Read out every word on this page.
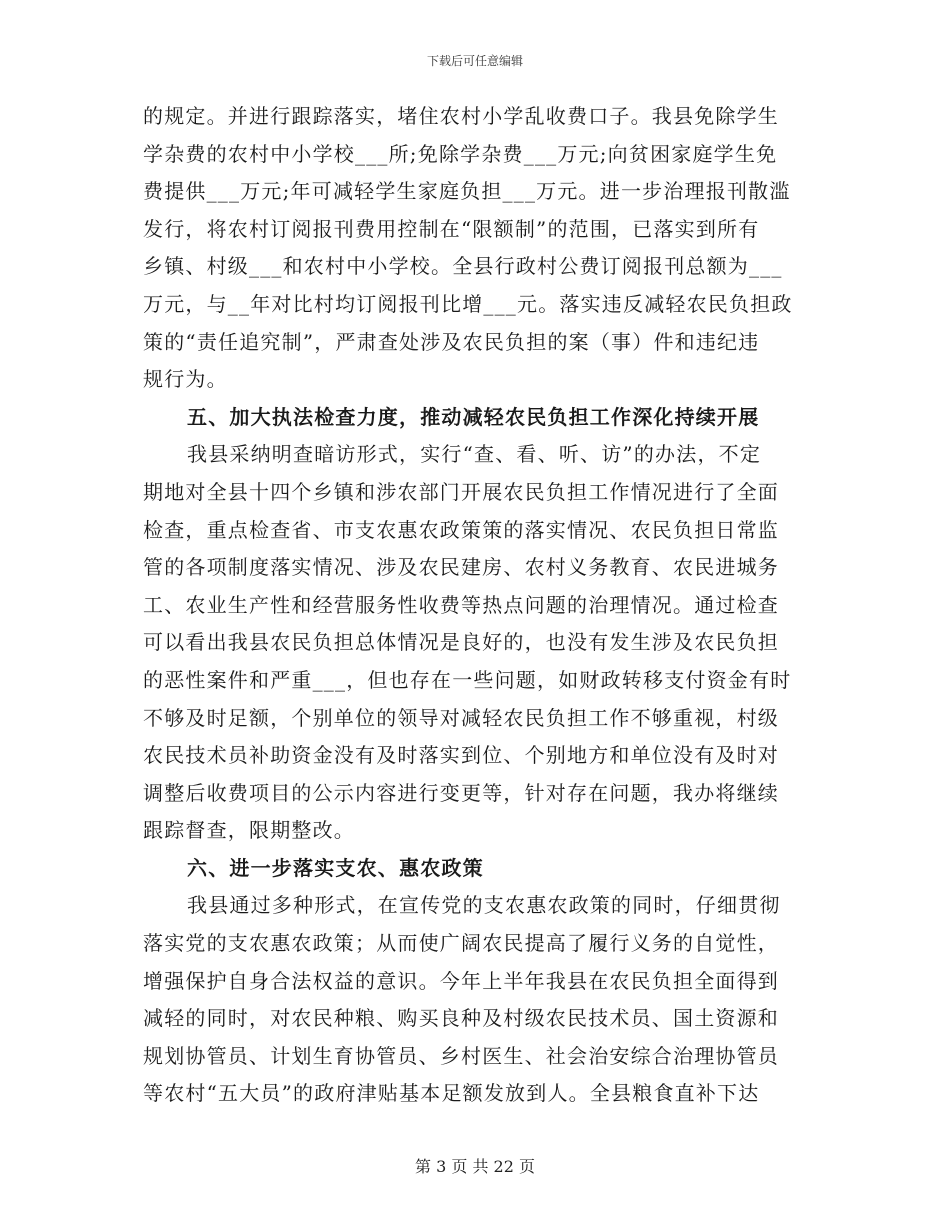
下载后可任意编辑
的规定。并进行跟踪落实，堵住农村小学乱收费口子。我县免除学生
学杂费的农村中小学校___所;免除学杂费___万元;向贫困家庭学生免
费提供___万元;年可减轻学生家庭负担___万元。进一步治理报刊散滥
发行，将农村订阅报刊费用控制在“限额制”的范围，已落实到所有
乡镇、村级___和农村中小学校。全县行政村公费订阅报刊总额为___
万元，与__年对比村均订阅报刊比增___元。落实违反减轻农民负担政
策的“责任追究制”，严肃查处涉及农民负担的案（事）件和违纪违
规行为。
五、加大执法检查力度，推动减轻农民负担工作深化持续开展
我县采纳明查暗访形式，实行“查、看、听、访”的办法，不定
期地对全县十四个乡镇和涉农部门开展农民负担工作情况进行了全面
检查，重点检查省、市支农惠农政策策的落实情况、农民负担日常监
管的各项制度落实情况、涉及农民建房、农村义务教育、农民进城务
工、农业生产性和经营服务性收费等热点问题的治理情况。通过检查
可以看出我县农民负担总体情况是良好的，也没有发生涉及农民负担
的恶性案件和严重___，但也存在一些问题，如财政转移支付资金有时
不够及时足额，个别单位的领导对减轻农民负担工作不够重视，村级
农民技术员补助资金没有及时落实到位、个别地方和单位没有及时对
调整后收费项目的公示内容进行变更等，针对存在问题，我办将继续
跟踪督查，限期整改。
六、进一步落实支农、惠农政策
我县通过多种形式，在宣传党的支农惠农政策的同时，仔细贯彻
落实党的支农惠农政策；从而使广阔农民提高了履行义务的自觉性，
增强保护自身合法权益的意识。今年上半年我县在农民负担全面得到
减轻的同时，对农民种粮、购买良种及村级农民技术员、国土资源和
规划协管员、计划生育协管员、乡村医生、社会治安综合治理协管员
等农村“五大员”的政府津贴基本足额发放到人。全县粮食直补下达
第 3 页 共 22 页
